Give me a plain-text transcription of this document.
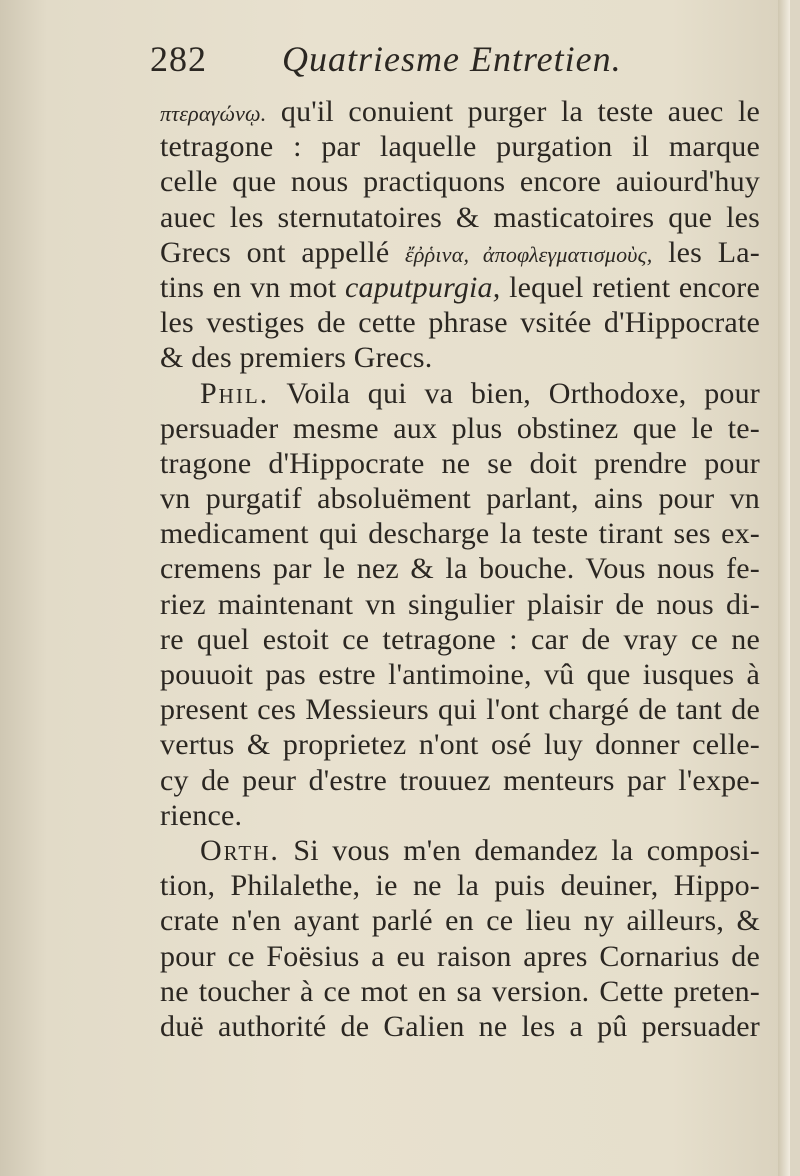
282 Quatriesme Entretien.
πτεραγώνῳ. qu'il conuient purger la teste auec le
tetragone : par laquelle purgation il marque
celle que nous practiquons encore auiourd'huy
auec les sternutatoires & masticatoires que les
Grecs ont appellé ἔῤῥινα, ἀποφλεγματισμοὺς, les La-
tins en vn mot caputpurgia, lequel retient encore
les vestiges de cette phrase vsitée d'Hippocrate
& des premiers Grecs.
Phil. Voila qui va bien, Orthodoxe, pour
persuader mesme aux plus obstinez que le te-
tragone d'Hippocrate ne se doit prendre pour
vn purgatif absoluëment parlant, ains pour vn
medicament qui descharge la teste tirant ses ex-
cremens par le nez & la bouche. Vous nous fe-
riez maintenant vn singulier plaisir de nous di-
re quel estoit ce tetragone : car de vray ce ne
pouuoit pas estre l'antimoine, vû que iusques à
present ces Messieurs qui l'ont chargé de tant de
vertus & proprietez n'ont osé luy donner celle-
cy de peur d'estre trouuez menteurs par l'expe-
rience.
Orth. Si vous m'en demandez la composi-
tion, Philalethe, ie ne la puis deuiner, Hippo-
crate n'en ayant parlé en ce lieu ny ailleurs, &
pour ce Foësius a eu raison apres Cornarius de
ne toucher à ce mot en sa version. Cette preten-
duë authorité de Galien ne les a pû persuader
